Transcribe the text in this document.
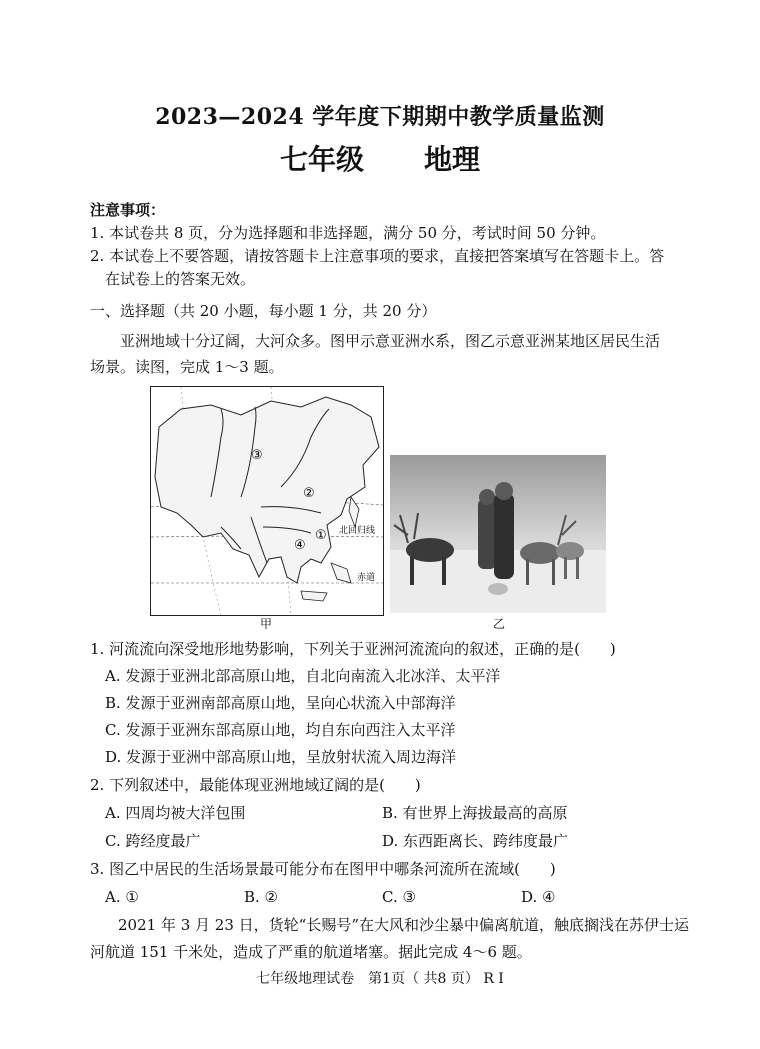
2023—2024 学年度下期期中教学质量监测
七年级 地理
注意事项：
1. 本试卷共 8 页，分为选择题和非选择题，满分 50 分，考试时间 50 分钟。
2. 本试卷上不要答题，请按答题卡上注意事项的要求，直接把答案填写在答题卡上。答
在试卷上的答案无效。
一、选择题（共 20 小题，每小题 1 分，共 20 分）
亚洲地域十分辽阔，大河众多。图甲示意亚洲水系，图乙示意亚洲某地区居民生活
场景。读图，完成 1～3 题。
③
②
①
④
北回归线
赤道
甲	乙
1. 河流流向深受地形地势影响，下列关于亚洲河流流向的叙述，正确的是(　　)
A. 发源于亚洲北部高原山地，自北向南流入北冰洋、太平洋
B. 发源于亚洲南部高原山地，呈向心状流入中部海洋
C. 发源于亚洲东部高原山地，均自东向西注入太平洋
D. 发源于亚洲中部高原山地，呈放射状流入周边海洋
2. 下列叙述中，最能体现亚洲地域辽阔的是(　　)
A. 四周均被大洋包围	B. 有世界上海拔最高的高原
C. 跨经度最广	D. 东西距离长、跨纬度最广
3. 图乙中居民的生活场景最可能分布在图甲中哪条河流所在流域(　　)
A. ①	B. ②	C. ③	D. ④
2021 年 3 月 23 日，货轮“长赐号”在大风和沙尘暴中偏离航道，触底搁浅在苏伊士运
河航道 151 千米处，造成了严重的航道堵塞。据此完成 4～6 题。
七年级地理试卷　第1页（ 共8 页） R I
